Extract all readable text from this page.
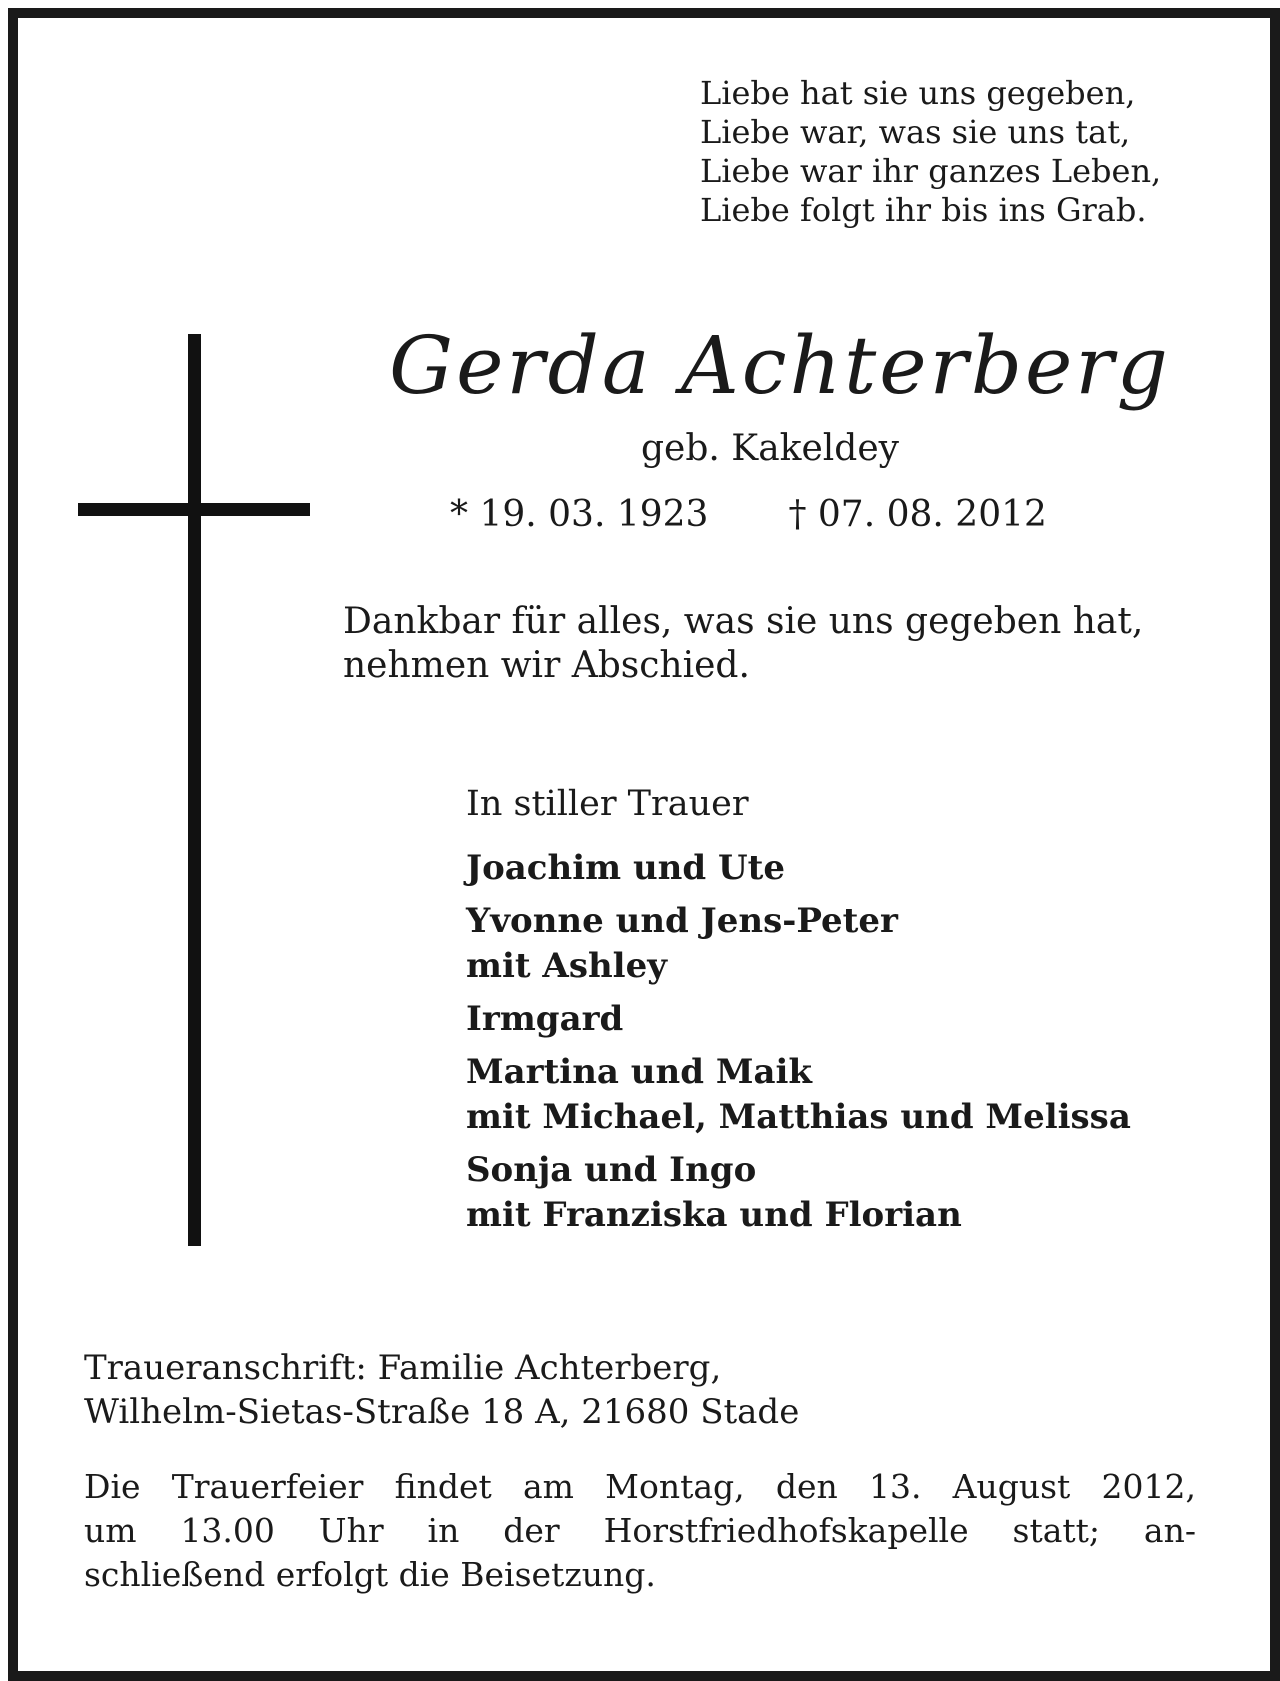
Liebe hat sie uns gegeben,
Liebe war, was sie uns tat,
Liebe war ihr ganzes Leben,
Liebe folgt ihr bis ins Grab.
Gerda Achterberg
geb. Kakeldey
* 19. 03. 1923 † 07. 08. 2012
Dankbar für alles, was sie uns gegeben hat,
nehmen wir Abschied.
In stiller Trauer
Joachim und Ute
Yvonne und Jens-Peter
mit Ashley
Irmgard
Martina und Maik
mit Michael, Matthias und Melissa
Sonja und Ingo
mit Franziska und Florian
Traueranschrift: Familie Achterberg,
Wilhelm-Sietas-Straße 18 A, 21680 Stade
Die Trauerfeier findet am Montag, den 13. August 2012,
um 13.00 Uhr in der Horstfriedhofskapelle statt; an-
schließend erfolgt die Beisetzung.
